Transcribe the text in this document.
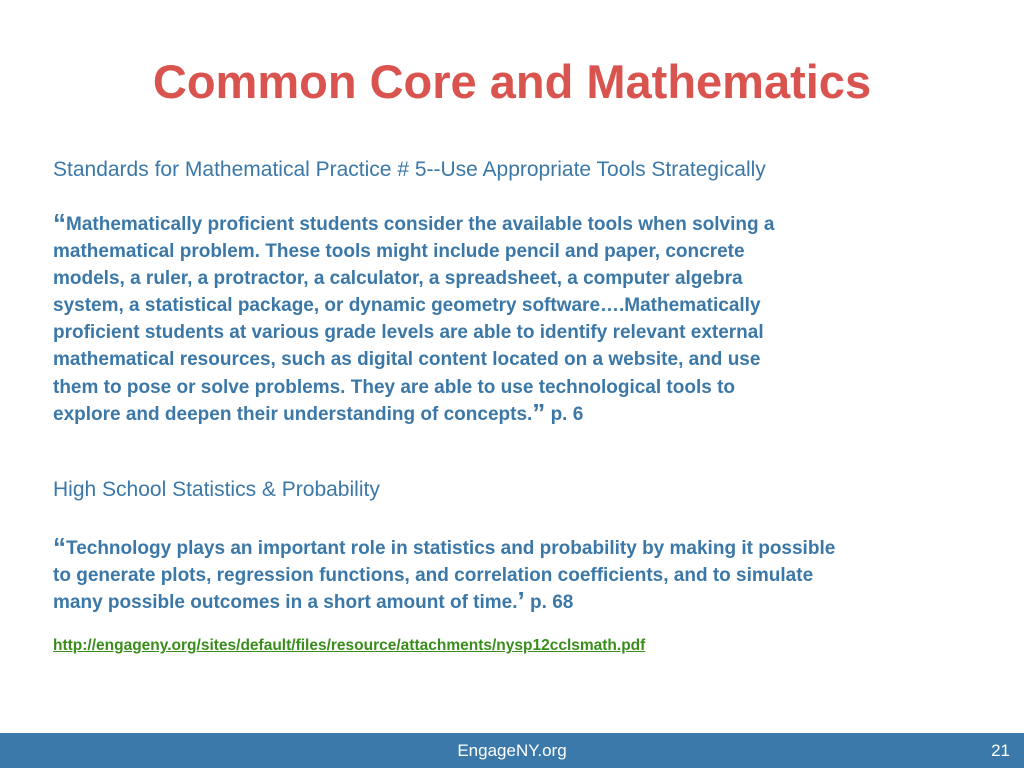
Common Core and Mathematics

Standards for Mathematical Practice # 5--Use Appropriate Tools Strategically

“Mathematically proficient students consider the available tools when solving a
mathematical problem. These tools might include pencil and paper, concrete
models, a ruler, a protractor, a calculator, a spreadsheet, a computer algebra
system, a statistical package, or dynamic geometry software….Mathematically
proficient students at various grade levels are able to identify relevant external
mathematical resources, such as digital content located on a website, and use
them to pose or solve problems. They are able to use technological tools to
explore and deepen their understanding of concepts.” p. 6

High School Statistics & Probability

“Technology plays an important role in statistics and probability by making it possible
to generate plots, regression functions, and correlation coefficients, and to simulate
many possible outcomes in a short amount of time.’ p. 68
http://engageny.org/sites/default/files/resource/attachments/nysp12cclsmath.pdf
EngageNY.org	21
